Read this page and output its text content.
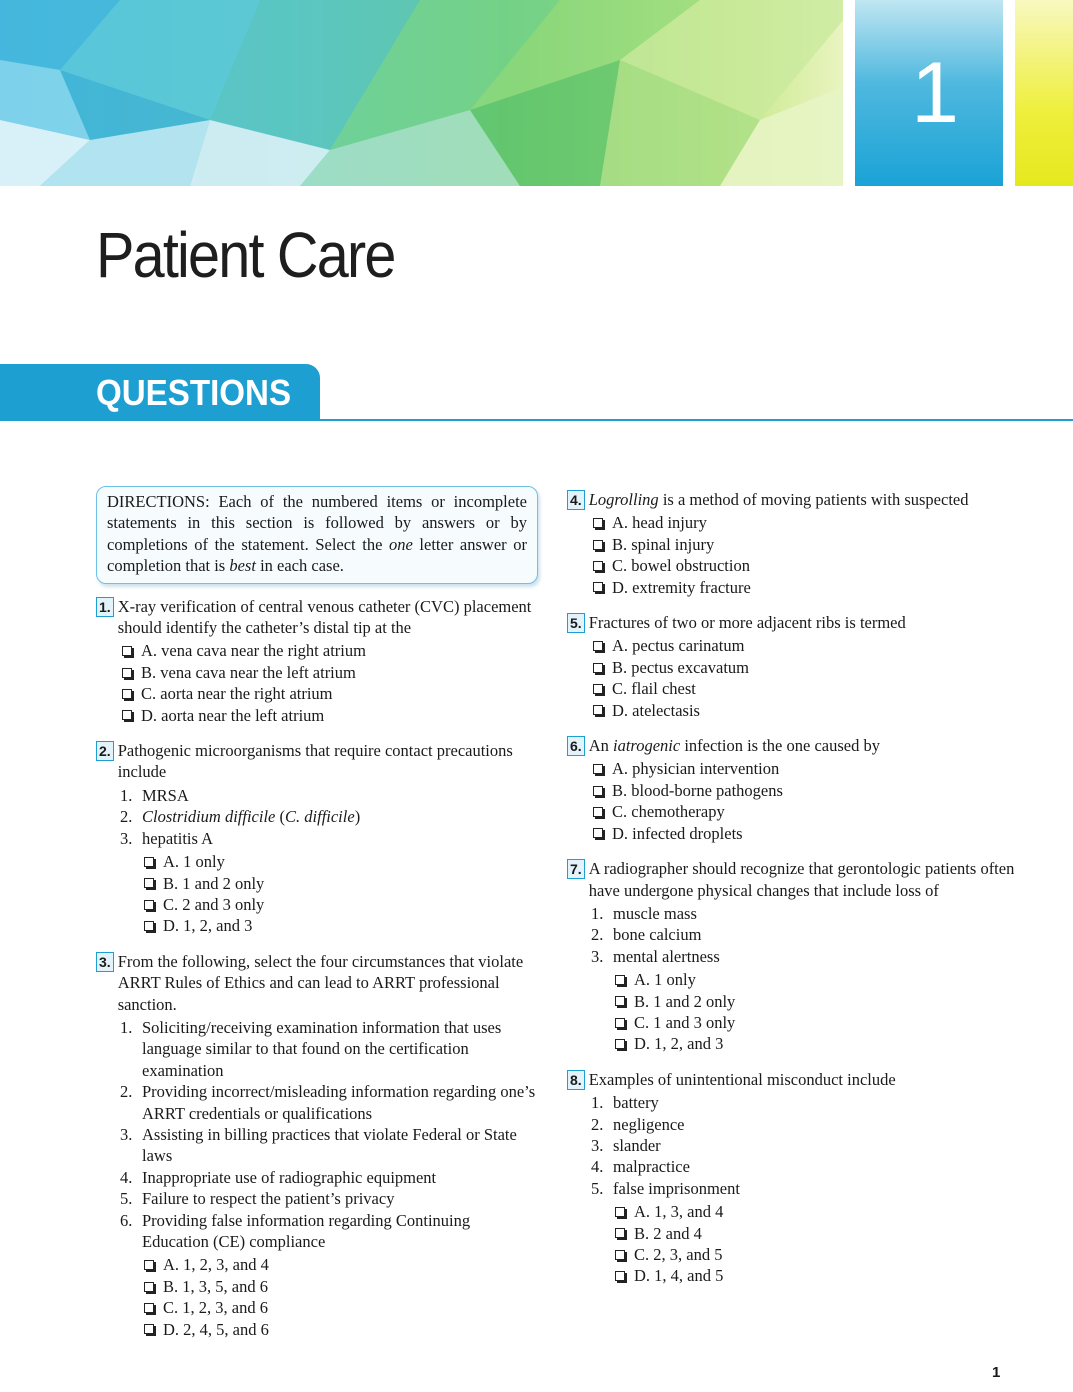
1
Patient Care
QUESTIONS
DIRECTIONS: Each of the numbered items or incomplete statements in this section is followed by answers or by completions of the statement. Select the one letter answer or completion that is best in each case.
1. X-ray verification of central venous catheter (CVC) placement should identify the catheter’s distal tip at the
A. vena cava near the right atrium
B. vena cava near the left atrium
C. aorta near the right atrium
D. aorta near the left atrium
2. Pathogenic microorganisms that require contact precautions include
1. MRSA
2. Clostridium difficile (C. difficile)
3. hepatitis A
A. 1 only
B. 1 and 2 only
C. 2 and 3 only
D. 1, 2, and 3
3. From the following, select the four circumstances that violate ARRT Rules of Ethics and can lead to ARRT professional sanction.
1. Soliciting/receiving examination information that uses language similar to that found on the certification examination
2. Providing incorrect/misleading information regarding one’s ARRT credentials or qualifications
3. Assisting in billing practices that violate Federal or State laws
4. Inappropriate use of radiographic equipment
5. Failure to respect the patient’s privacy
6. Providing false information regarding Continuing Education (CE) compliance
A. 1, 2, 3, and 4
B. 1, 3, 5, and 6
C. 1, 2, 3, and 6
D. 2, 4, 5, and 6
4. Logrolling is a method of moving patients with suspected
A. head injury
B. spinal injury
C. bowel obstruction
D. extremity fracture
5. Fractures of two or more adjacent ribs is termed
A. pectus carinatum
B. pectus excavatum
C. flail chest
D. atelectasis
6. An iatrogenic infection is the one caused by
A. physician intervention
B. blood-borne pathogens
C. chemotherapy
D. infected droplets
7. A radiographer should recognize that gerontologic patients often have undergone physical changes that include loss of
1. muscle mass
2. bone calcium
3. mental alertness
A. 1 only
B. 1 and 2 only
C. 1 and 3 only
D. 1, 2, and 3
8. Examples of unintentional misconduct include
1. battery
2. negligence
3. slander
4. malpractice
5. false imprisonment
A. 1, 3, and 4
B. 2 and 4
C. 2, 3, and 5
D. 1, 4, and 5
1
